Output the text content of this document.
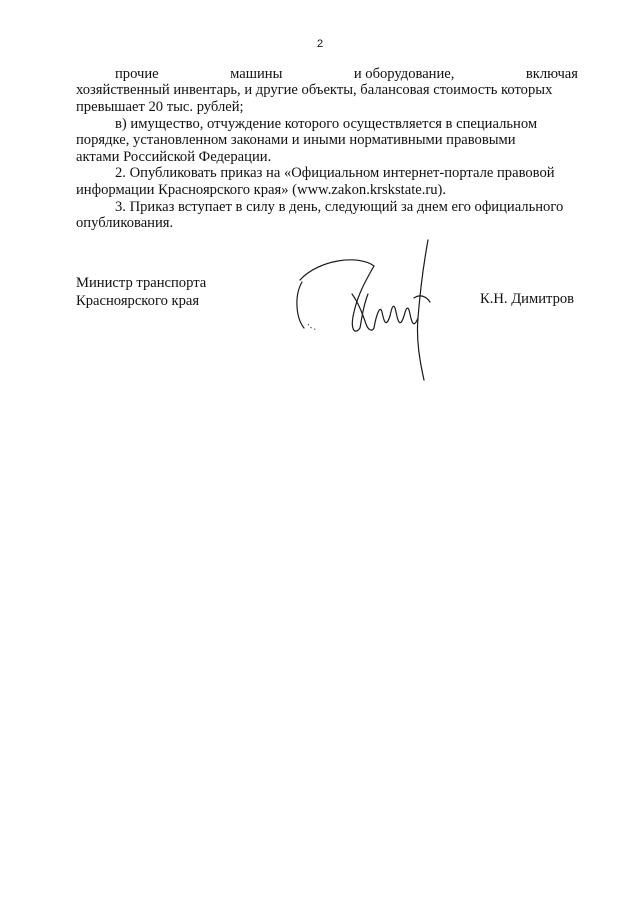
2
прочие	машины	и оборудование,	включая
хозяйственный инвентарь, и другие объекты, балансовая стоимость которых
превышает 20 тыс. рублей;
в) имущество, отчуждение которого осуществляется в специальном
порядке, установленном законами и иными нормативными правовыми
актами Российской Федерации.
2. Опубликовать приказ на «Официальном интернет-портале правовой
информации Красноярского края» (www.zakon.krskstate.ru).
3. Приказ вступает в силу в день, следующий за днем его официального
опубликования.
Министр транспорта
Красноярского края	К.Н. Димитров
